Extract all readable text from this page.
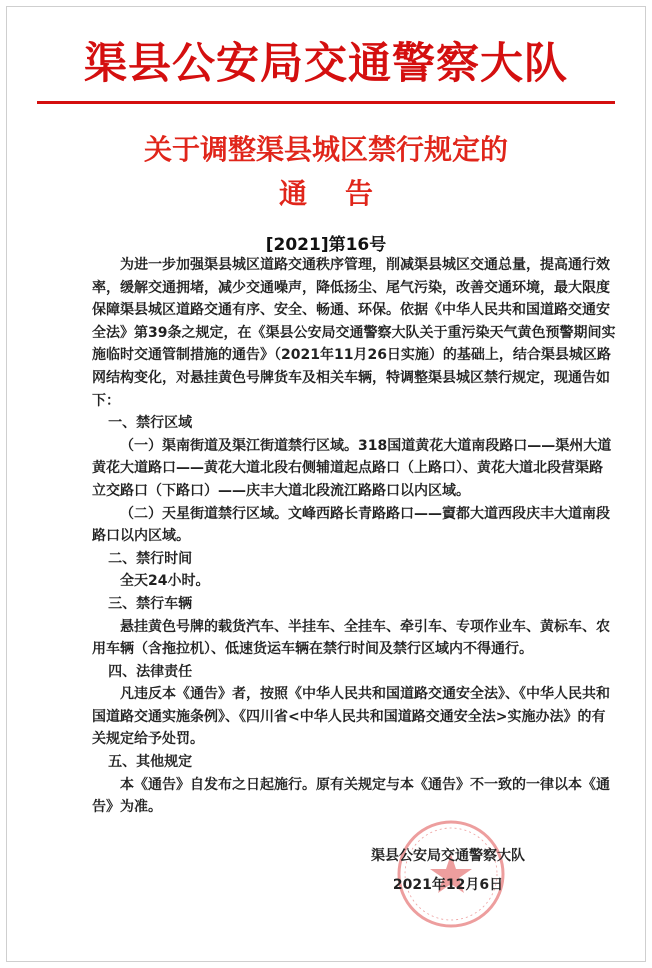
渠县公安局交通警察大队
关于调整渠县城区禁行规定的
通告
[2021]第16号

为进一步加强渠县城区道路交通秩序管理，削减渠县城区交通总量，提高通行效率，缓解交通拥堵，减少交通噪声，降低扬尘、尾气污染，改善交通环境，最大限度保障渠县城区道路交通有序、安全、畅通、环保。依据《中华人民共和国道路交通安全法》第39条之规定，在《渠县公安局交通警察大队关于重污染天气黄色预警期间实施临时交通管制措施的通告》（2021年11月26日实施）的基础上，结合渠县城区路网结构变化，对悬挂黄色号牌货车及相关车辆，特调整渠县城区禁行规定，现通告如下：

一、禁行区域

（一）渠南街道及渠江街道禁行区域。318国道黄花大道南段路口——渠州大道黄花大道路口——黄花大道北段右侧辅道起点路口（上路口）、黄花大道北段营渠路立交路口（下路口）——庆丰大道北段流江路路口以内区域。

（二）天星街道禁行区域。文峰西路长青路路口——賨都大道西段庆丰大道南段路口以内区域。

二、禁行时间

全天24小时。

三、禁行车辆

悬挂黄色号牌的载货汽车、半挂车、全挂车、牵引车、专项作业车、黄标车、农用车辆（含拖拉机）、低速货运车辆在禁行时间及禁行区域内不得通行。

四、法律责任

凡违反本《通告》者，按照《中华人民共和国道路交通安全法》、《中华人民共和国道路交通实施条例》、《四川省<中华人民共和国道路交通安全法>实施办法》的有关规定给予处罚。

五、其他规定

本《通告》自发布之日起施行。原有关规定与本《通告》不一致的一律以本《通告》为准。

渠县公安局交通警察大队
2021年12月6日
